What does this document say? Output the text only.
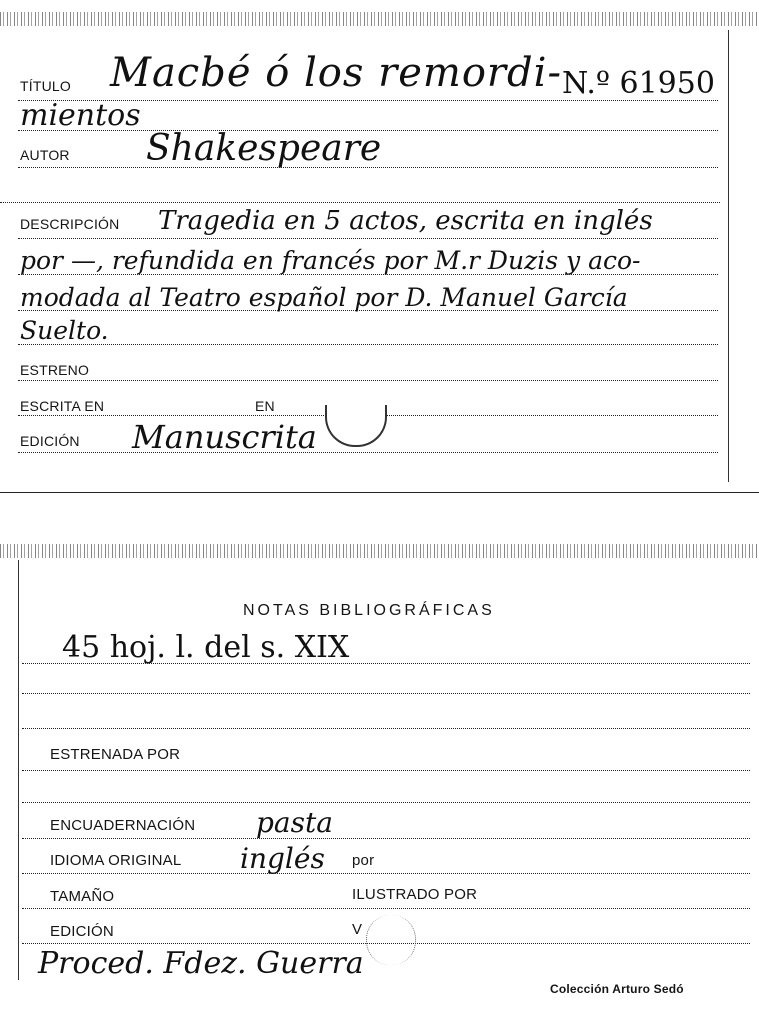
TÍTULO Macbé ó los remordi- N.º 61950
mientos
AUTOR Shakespeare
DESCRIPCIÓN Tragedia en 5 actos, escrita en inglés
por —, refundida en francés por M.r Duzis y aco-
modada al Teatro español por D. Manuel García
Suelto.
ESTRENO
ESCRITA EN	EN
EDICIÓN Manuscrita
NOTAS BIBLIOGRÁFICAS
45 hoj. l. del s. XIX
ESTRENADA POR
ENCUADERNACIÓN pasta
IDIOMA ORIGINAL inglés por
TAMAÑO	ILUSTRADO POR
EDICIÓN	V
Proced. Fdez. Guerra
Colección Arturo Sedó
